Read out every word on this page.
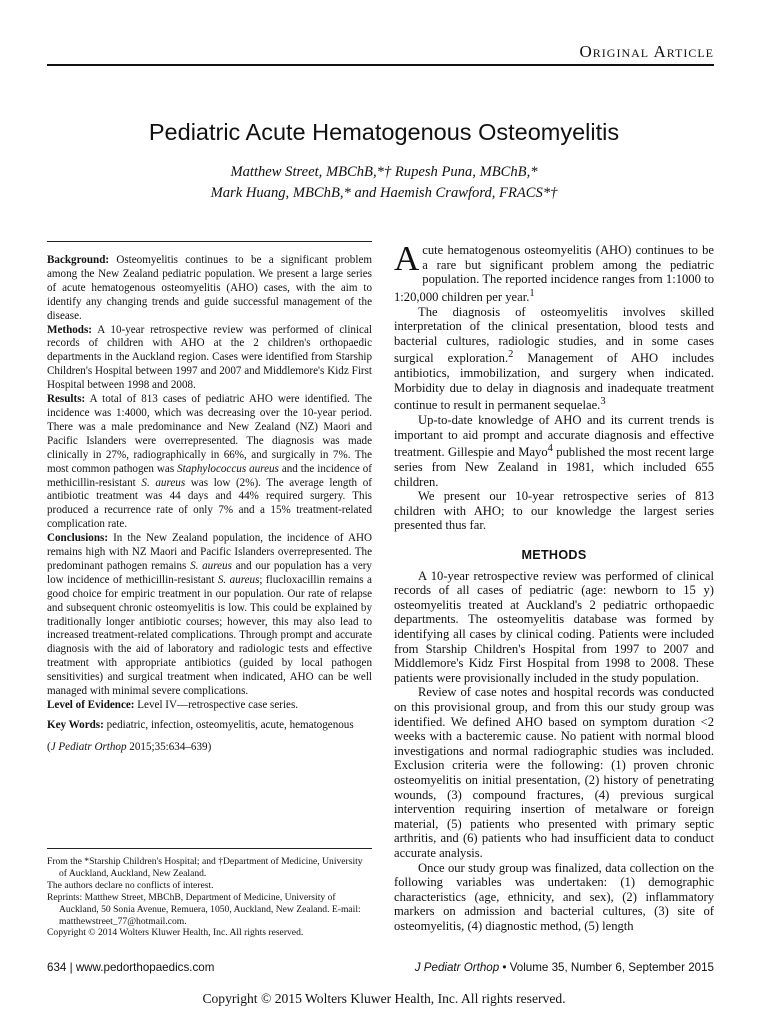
Original Article
Pediatric Acute Hematogenous Osteomyelitis
Matthew Street, MBChB,*† Rupesh Puna, MBChB,*
Mark Huang, MBChB,* and Haemish Crawford, FRACS*†

Background: Osteomyelitis continues to be a significant problem among the New Zealand pediatric population. We present a large series of acute hematogenous osteomyelitis (AHO) cases, with the aim to identify any changing trends and guide successful management of the disease.

Methods: A 10-year retrospective review was performed of clinical records of children with AHO at the 2 children's orthopaedic departments in the Auckland region. Cases were identified from Starship Children's Hospital between 1997 and 2007 and Middlemore's Kidz First Hospital between 1998 and 2008.

Results: A total of 813 cases of pediatric AHO were identified. The incidence was 1:4000, which was decreasing over the 10-year period. There was a male predominance and New Zealand (NZ) Maori and Pacific Islanders were overrepresented. The diagnosis was made clinically in 27%, radiographically in 66%, and surgically in 7%. The most common pathogen was Staphylococcus aureus and the incidence of methicillin-resistant S. aureus was low (2%). The average length of antibiotic treatment was 44 days and 44% required surgery. This produced a recurrence rate of only 7% and a 15% treatment-related complication rate.

Conclusions: In the New Zealand population, the incidence of AHO remains high with NZ Maori and Pacific Islanders overrepresented. The predominant pathogen remains S. aureus and our population has a very low incidence of methicillin-resistant S. aureus; flucloxacillin remains a good choice for empiric treatment in our population. Our rate of relapse and subsequent chronic osteomyelitis is low. This could be explained by traditionally longer antibiotic courses; however, this may also lead to increased treatment-related complications. Through prompt and accurate diagnosis with the aid of laboratory and radiologic tests and effective treatment with appropriate antibiotics (guided by local pathogen sensitivities) and surgical treatment when indicated, AHO can be well managed with minimal severe complications.

Level of Evidence: Level IV—retrospective case series.

Key Words: pediatric, infection, osteomyelitis, acute, hematogenous

(J Pediatr Orthop 2015;35:634–639)

From the *Starship Children's Hospital; and †Department of Medicine, University of Auckland, Auckland, New Zealand.

The authors declare no conflicts of interest.

Reprints: Matthew Street, MBChB, Department of Medicine, University of Auckland, 50 Sonia Avenue, Remuera, 1050, Auckland, New Zealand. E-mail: matthewstreet_77@hotmail.com.

Copyright © 2014 Wolters Kluwer Health, Inc. All rights reserved.

Acute hematogenous osteomyelitis (AHO) continues to be a rare but significant problem among the pediatric population. The reported incidence ranges from 1:1000 to 1:20,000 children per year.$^1$

The diagnosis of osteomyelitis involves skilled interpretation of the clinical presentation, blood tests and bacterial cultures, radiologic studies, and in some cases surgical exploration.$^2$ Management of AHO includes antibiotics, immobilization, and surgery when indicated. Morbidity due to delay in diagnosis and inadequate treatment continue to result in permanent sequelae.$^3$

Up-to-date knowledge of AHO and its current trends is important to aid prompt and accurate diagnosis and effective treatment. Gillespie and Mayo$^4$ published the most recent large series from New Zealand in 1981, which included 655 children.

We present our 10-year retrospective series of 813 children with AHO; to our knowledge the largest series presented thus far.

METHODS

A 10-year retrospective review was performed of clinical records of all cases of pediatric (age: newborn to 15 y) osteomyelitis treated at Auckland's 2 pediatric orthopaedic departments. The osteomyelitis database was formed by identifying all cases by clinical coding. Patients were included from Starship Children's Hospital from 1997 to 2007 and Middlemore's Kidz First Hospital from 1998 to 2008. These patients were provisionally included in the study population.

Review of case notes and hospital records was conducted on this provisional group, and from this our study group was identified. We defined AHO based on symptom duration <2 weeks with a bacteremic cause. No patient with normal blood investigations and normal radiographic studies was included. Exclusion criteria were the following: (1) proven chronic osteomyelitis on initial presentation, (2) history of penetrating wounds, (3) compound fractures, (4) previous surgical intervention requiring insertion of metalware or foreign material, (5) patients who presented with primary septic arthritis, and (6) patients who had insufficient data to conduct accurate analysis.

Once our study group was finalized, data collection on the following variables was undertaken: (1) demographic characteristics (age, ethnicity, and sex), (2) inflammatory markers on admission and bacterial cultures, (3) site of osteomyelitis, (4) diagnostic method, (5) length

634 | www.pedorthopaedics.com	J Pediatr Orthop • Volume 35, Number 6, September 2015
Copyright © 2015 Wolters Kluwer Health, Inc. All rights reserved.
